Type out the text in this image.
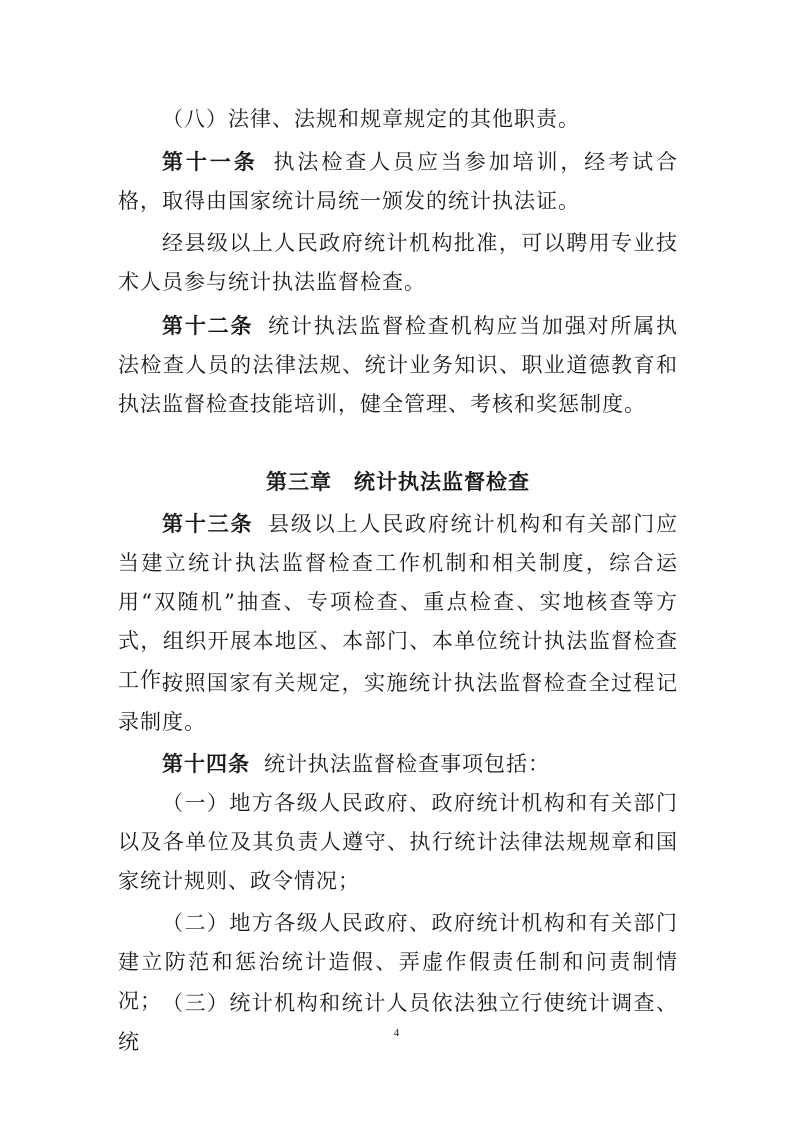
（八）法律、法规和规章规定的其他职责。

第十一条 执法检查人员应当参加培训，经考试合格，取得由国家统计局统一颁发的统计执法证。

经县级以上人民政府统计机构批准，可以聘用专业技术人员参与统计执法监督检查。

第十二条 统计执法监督检查机构应当加强对所属执法检查人员的法律法规、统计业务知识、职业道德教育和执法监督检查技能培训，健全管理、考核和奖惩制度。

第三章 统计执法监督检查

第十三条 县级以上人民政府统计机构和有关部门应当建立统计执法监督检查工作机制和相关制度，综合运用“双随机”抽查、专项检查、重点检查、实地核查等方式，组织开展本地区、本部门、本单位统计执法监督检查工作。

按照国家有关规定，实施统计执法监督检查全过程记录制度。

第十四条 统计执法监督检查事项包括：

（一）地方各级人民政府、政府统计机构和有关部门以及各单位及其负责人遵守、执行统计法律法规规章和国家统计规则、政令情况；

（二）地方各级人民政府、政府统计机构和有关部门建立防范和惩治统计造假、弄虚作假责任制和问责制情况； （三）统计机构和统计人员依法独立行使统计调查、统	4
